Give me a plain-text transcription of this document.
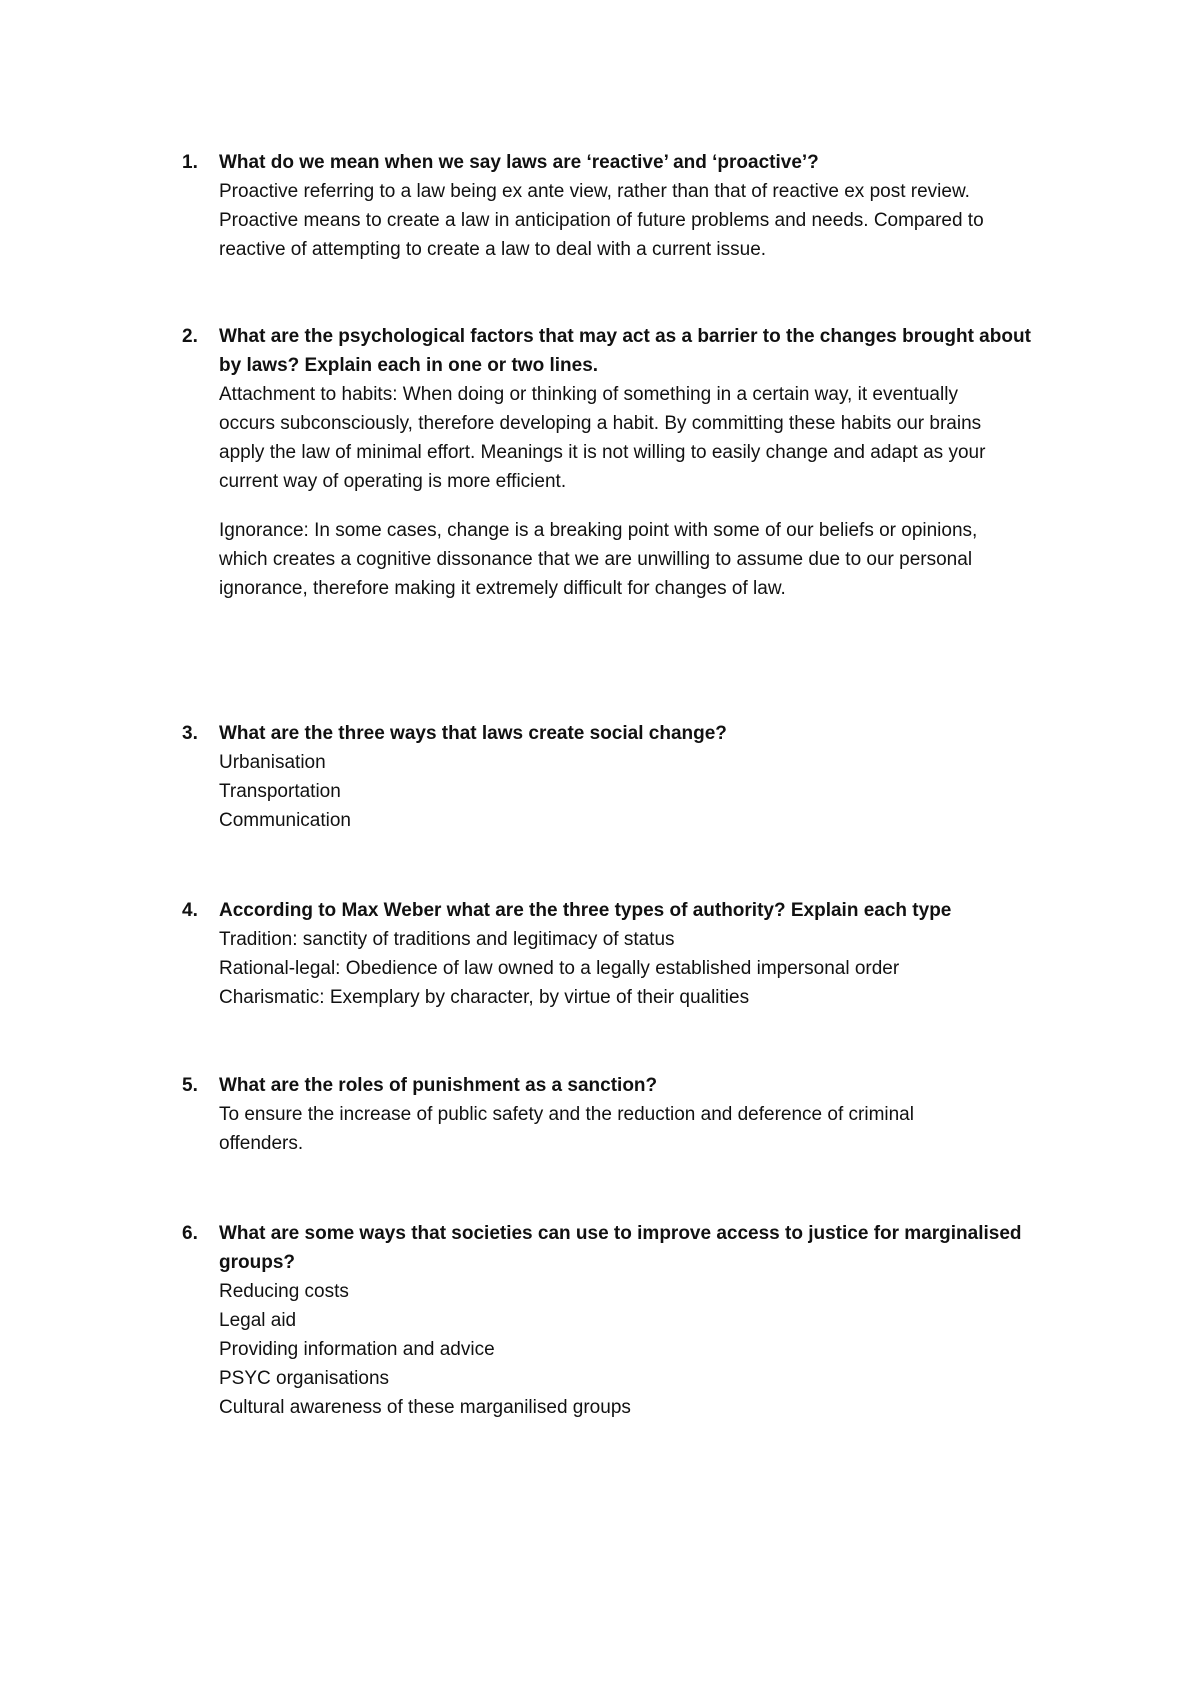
1. What do we mean when we say laws are ‘reactive’ and ‘proactive’?
Proactive referring to a law being ex ante view, rather than that of reactive ex post review.
Proactive means to create a law in anticipation of future problems and needs. Compared to
reactive of attempting to create a law to deal with a current issue.
2. What are the psychological factors that may act as a barrier to the changes brought about
by laws? Explain each in one or two lines.
Attachment to habits: When doing or thinking of something in a certain way, it eventually
occurs subconsciously, therefore developing a habit. By committing these habits our brains
apply the law of minimal effort. Meanings it is not willing to easily change and adapt as your
current way of operating is more efficient.
Ignorance: In some cases, change is a breaking point with some of our beliefs or opinions,
which creates a cognitive dissonance that we are unwilling to assume due to our personal
ignorance, therefore making it extremely difficult for changes of law.
3. What are the three ways that laws create social change?
Urbanisation
Transportation
Communication
4. According to Max Weber what are the three types of authority? Explain each type
Tradition: sanctity of traditions and legitimacy of status
Rational-legal: Obedience of law owned to a legally established impersonal order
Charismatic: Exemplary by character, by virtue of their qualities
5. What are the roles of punishment as a sanction?
To ensure the increase of public safety and the reduction and deference of criminal
offenders.
6. What are some ways that societies can use to improve access to justice for marginalised
groups?
Reducing costs
Legal aid
Providing information and advice
PSYC organisations
Cultural awareness of these marganilised groups
